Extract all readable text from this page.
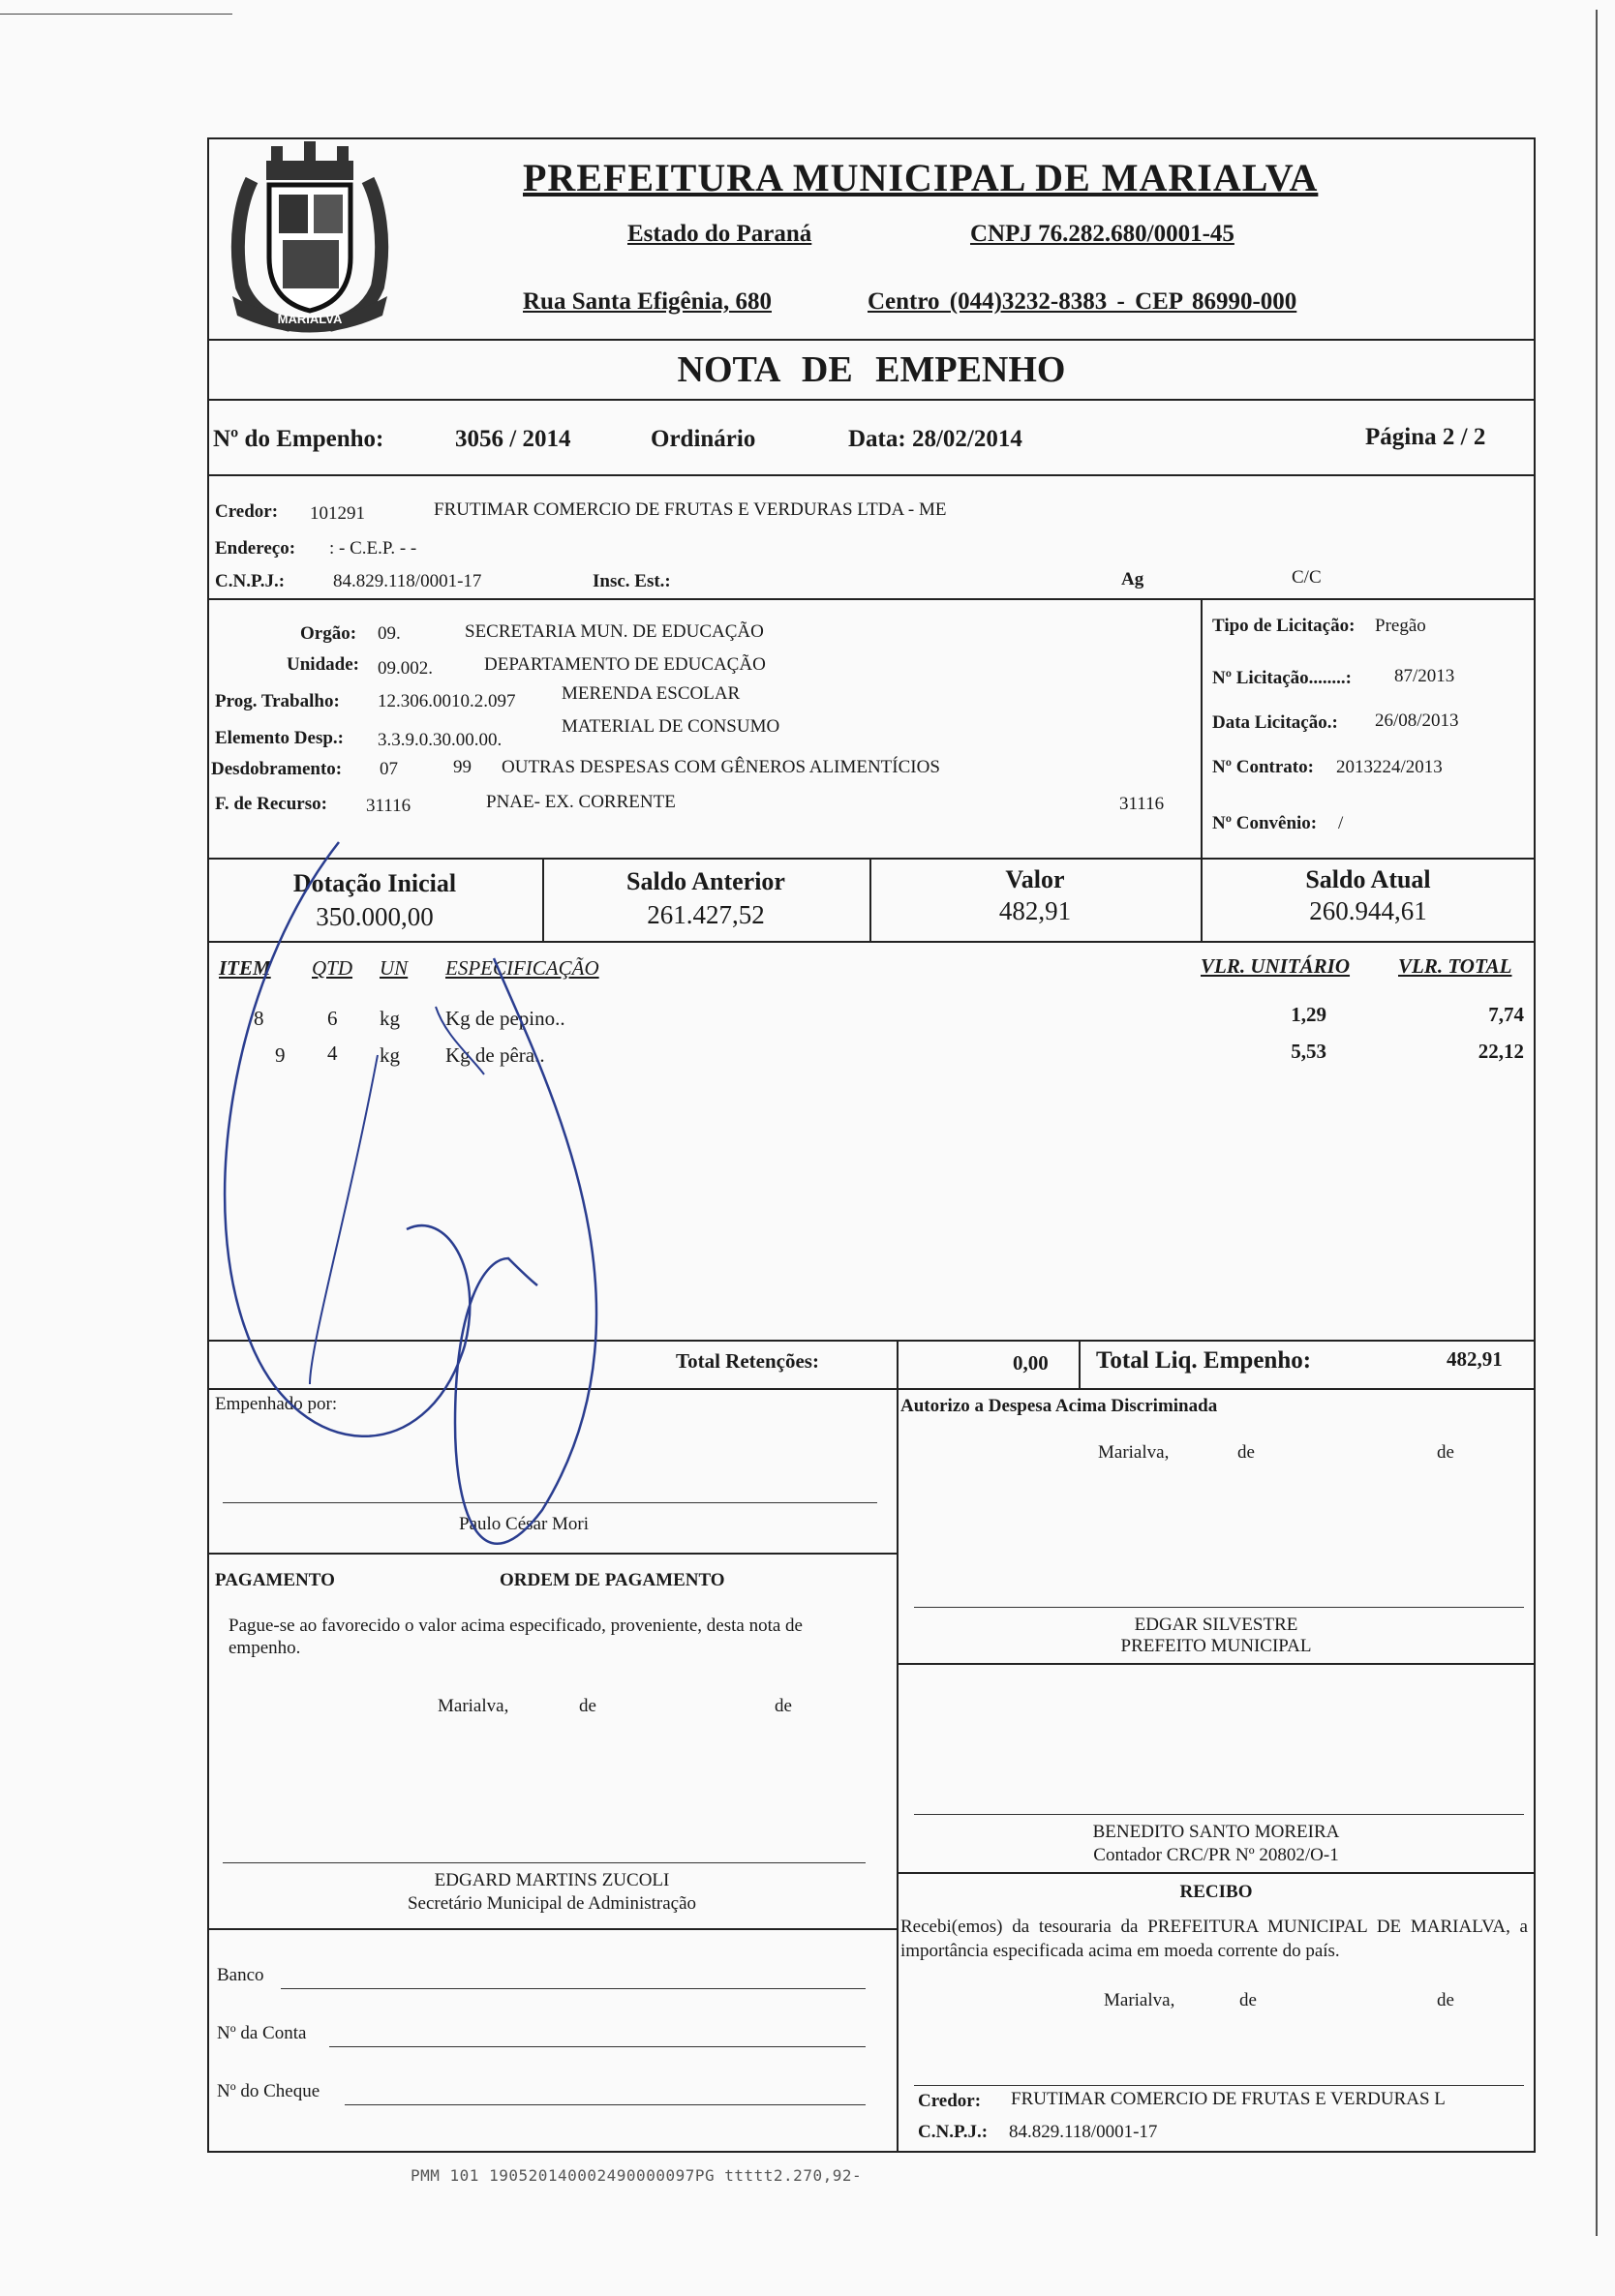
MARIALVA
PREFEITURA MUNICIPAL DE MARIALVA
Estado do Paraná	CNPJ 76.282.680/0001-45
Rua Santa Efigênia, 680	Centro (044)3232-8383 - CEP 86990-000
NOTA DE EMPENHO
Nº do Empenho:	3056 / 2014	Ordinário	Data: 28/02/2014	Página 2 / 2
Credor: 101291	FRUTIMAR COMERCIO DE FRUTAS E VERDURAS LTDA - ME
Endereço: : - C.E.P. - -
C.N.P.J.:	84.829.118/0001-17	Insc. Est.:	Ag	C/C
Orgão: 09.	SECRETARIA MUN. DE EDUCAÇÃO
Unidade: 09.002.	DEPARTAMENTO DE EDUCAÇÃO
Prog. Trabalho: 12.306.0010.2.097	MERENDA ESCOLAR
Elemento Desp.: 3.3.9.0.30.00.00.
MATERIAL DE CONSUMO
Desdobramento: 07	99 OUTRAS DESPESAS COM GÊNEROS ALIMENTÍCIOS
F. de Recurso: 31116	PNAE- EX. CORRENTE	31116
Tipo de Licitação: Pregão
Nº Licitação........: 87/2013
Data Licitação.: 26/08/2013
Nº Contrato: 2013224/2013
Nº Convênio: /
Dotação Inicial
350.000,00
Saldo Anterior
261.427,52
Valor
482,91
Saldo Atual
260.944,61
ITEM QTD UN ESPECIFICAÇÃO	VLR. UNITÁRIO VLR. TOTAL
8	6 kg Kg de pepino..	1,29	7,74
9 4 kg Kg de pêra..	5,53	22,12
Total Retenções:	0,00 Total Liq. Empenho:	482,91
Empenhado por:
Paulo César Mori
Autorizo a Despesa Acima Discriminada
Marialva,	de	de
EDGAR SILVESTRE
PREFEITO MUNICIPAL
PAGAMENTO	ORDEM DE PAGAMENTO
Pague-se ao favorecido o valor acima especificado, proveniente, desta nota de empenho.
Marialva,	de	de
EDGARD MARTINS ZUCOLI
Secretário Municipal de Administração
BENEDITO SANTO MOREIRA
Contador CRC/PR Nº 20802/O-1
RECIBO
Recebi(emos) da tesouraria da PREFEITURA MUNICIPAL DE MARIALVA, a importância especificada acima em moeda corrente do país.
Marialva,	de	de
Credor: FRUTIMAR COMERCIO DE FRUTAS E VERDURAS L
C.N.P.J.: 84.829.118/0001-17
Banco
Nº da Conta
Nº do Cheque
PMM 101 190520140002490000097PG ttttt2.270,92-
